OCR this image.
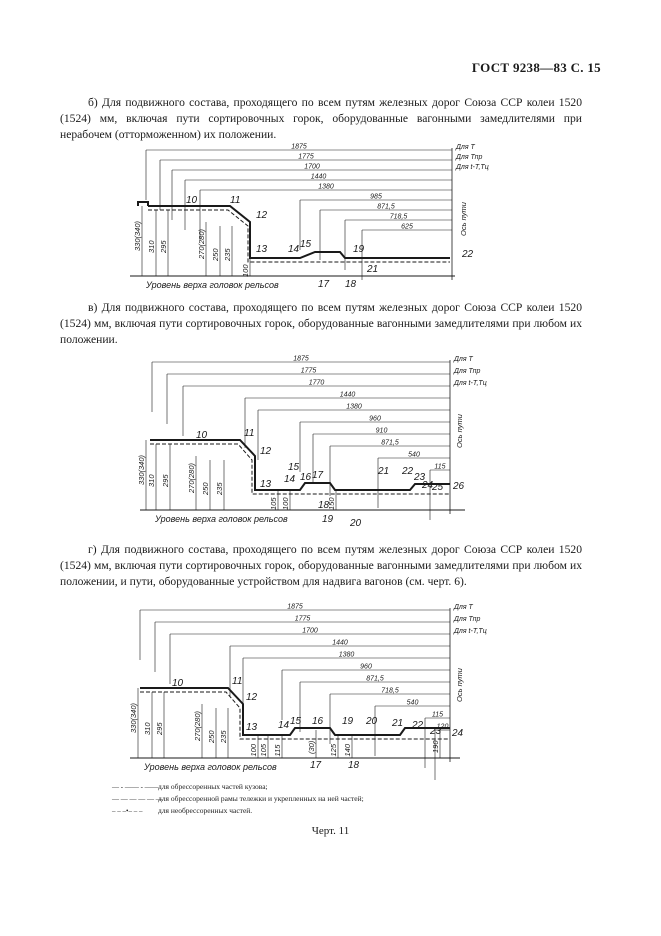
ГОСТ 9238—83 С. 15
б) Для подвижного состава, проходящего по всем путям железных дорог Союза ССР колеи 1520 (1524) мм, включая пути сортировочных горок, оборудованные вагонными замедлителями при нерабочем (отторможенном) их положении.
в) Для подвижного состава, проходящего по всем путям железных дорог Союза ССР колеи 1520 (1524) мм, включая пути сортировочных горок, оборудованные вагонными замедлителями при любом их положении.
г) Для подвижного состава, проходящего по всем путям железных дорог Союза ССР колеи 1520 (1524) мм, включая пути сортировочных горок, оборудованные вагонными замедлителями при любом их положении, и пути, оборудованные устройством для надвига вагонов (см. черт. 6).
1875
1775
1700
1440
1380
985
871,5
718,5
625
Для Т
Для Тпр
Для t-Т,Тц
Ось пути
Уровень верха головок рельсов
10	11
12
13 14 15
17 18
19
21
22
330(340) 310 295	270(280) 250 235
100
1875
1775
1770
1440
1380
960
910
871,5
540
115
Для Т
Для Тпр
Для t-Т,Тц
Ось пути
Уровень верха головок рельсов
10	11
12
13 14
15
16 17
18
19 20
21 22
23
24
25 26
330(340) 310 295 270(280) 250 235
105 100	150
1875
1775
1700
1440
1380
960
871,5
718,5
540
115
120
Для Т
Для Тпр
Для t-Т,Тц
Ось пути
Уровень верха головок рельсов
10	11
12
13 14 15 16
17	18
19 20 21 22
23 24
330(340) 310 295	270(280) 250 235
100 105 115	125 140
(30)	190
— - —— - —— для обрессоренных частей кузова;
— — — — — —
для обрессоренной рамы тележки и укрепленных на ней частей;
– – –•– – –	для необрессоренных частей.
Черт. 11
